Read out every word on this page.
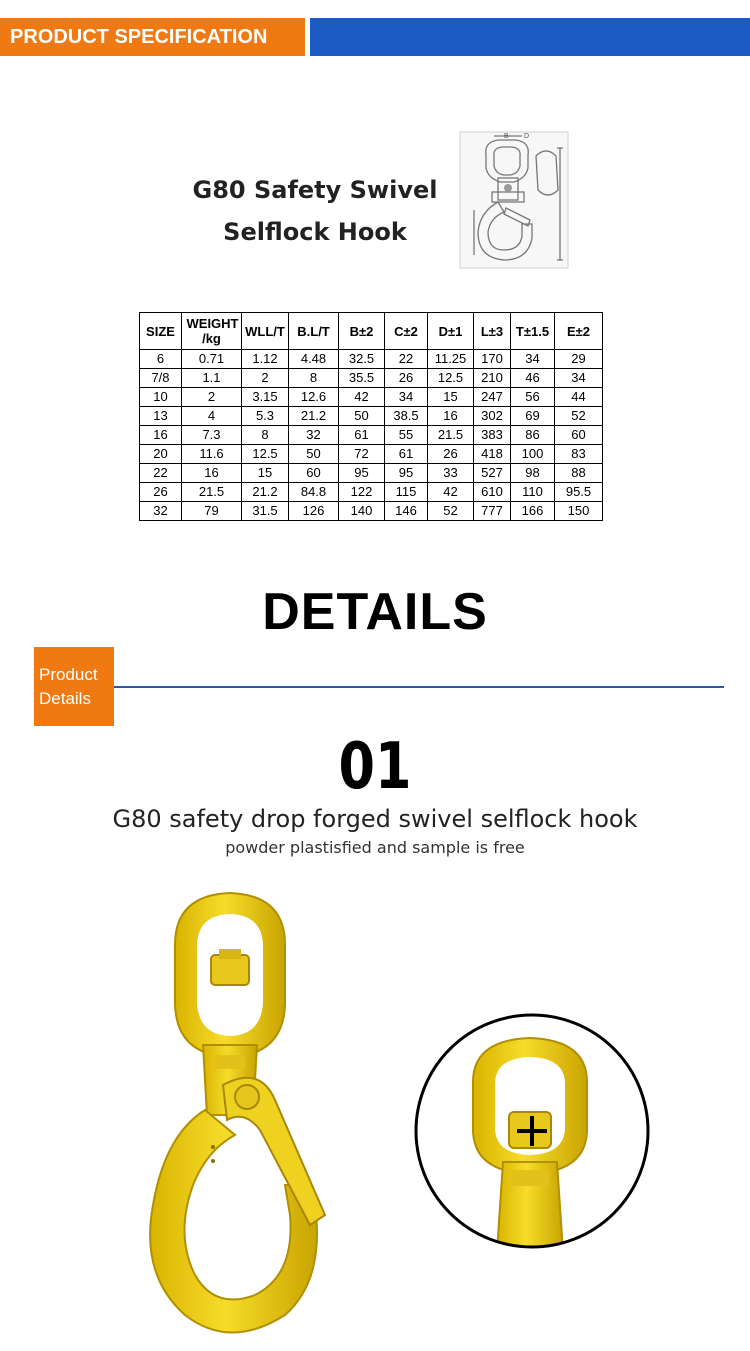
PRODUCT SPECIFICATION
G80 Safety Swivel
Selflock Hook
B D
SIZE	WEIGHT /kg	WLL/T	B.L/T	B±2	C±2	D±1	L±3	T±1.5	E±2
6	0.71	1.12	4.48	32.5	22	11.25	170	34	29
7/8	1.1	2	8	35.5	26	12.5	210	46	34
10	2	3.15	12.6	42	34	15	247	56	44
13	4	5.3	21.2	50	38.5	16	302	69	52
16	7.3	8	32	61	55	21.5	383	86	60
20	11.6	12.5	50	72	61	26	418	100	83
22	16	15	60	95	95	33	527	98	88
26	21.5	21.2	84.8	122	115	42	610	110	95.5
32	79	31.5	126	140	146	52	777	166	150
DETAILS
Product
Details
01
G80 safety drop forged swivel selflock hook
powder plastisfied and sample is free
